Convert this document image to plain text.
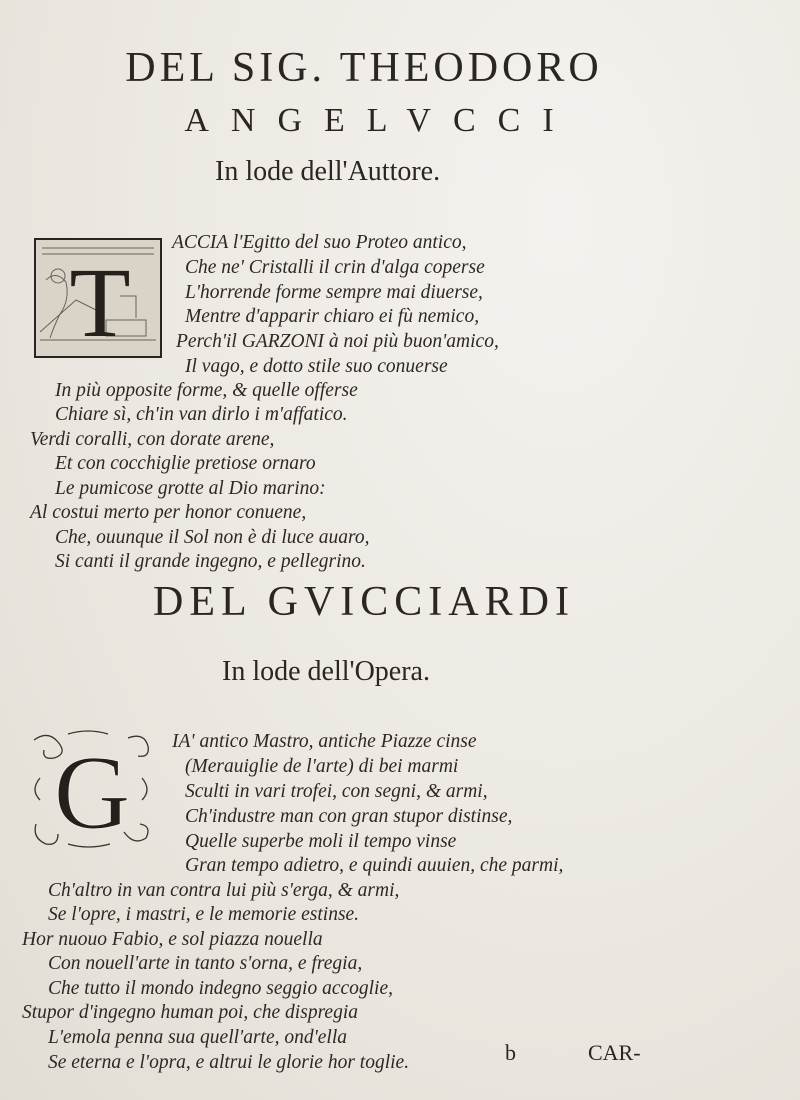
DEL SIG. THEODORO
ANGELVCCI
In lode dell'Auttore.
T
ACCIA l'Egitto del suo Proteo antico,
Che ne' Cristalli il crin d'alga coperse
L'horrende forme sempre mai diuerse,
Mentre d'apparir chiaro ei fù nemico,
Perch'il GARZONI à noi più buon'amico,
Il vago, e dotto stile suo conuerse
In più opposite forme, & quelle offerse
Chiare sì, ch'in van dirlo i m'affatico.
Verdi coralli, con dorate arene,
Et con cocchiglie pretiose ornaro
Le pumicose grotte al Dio marino:
Al costui merto per honor conuene,
Che, ouunque il Sol non è di luce auaro,
Si canti il grande ingegno, e pellegrino.
DEL GVICCIARDI
In lode dell'Opera.
G IA' antico Mastro, antiche Piazze cinse
(Merauiglie de l'arte) di bei marmi
Sculti in vari trofei, con segni, & armi,
Ch'industre man con gran stupor distinse,
Quelle superbe moli il tempo vinse
Gran tempo adietro, e quindi auuien, che parmi,
Ch'altro in van contra lui più s'erga, & armi,
Se l'opre, i mastri, e le memorie estinse.
Hor nuouo Fabio, e sol piazza nouella
Con nouell'arte in tanto s'orna, e fregia,
Che tutto il mondo indegno seggio accoglie,
Stupor d'ingegno human poi, che dispregia
L'emola penna sua quell'arte, ond'ella
Se eterna e l'opra, e altrui le glorie hor toglie.	b	CAR-
